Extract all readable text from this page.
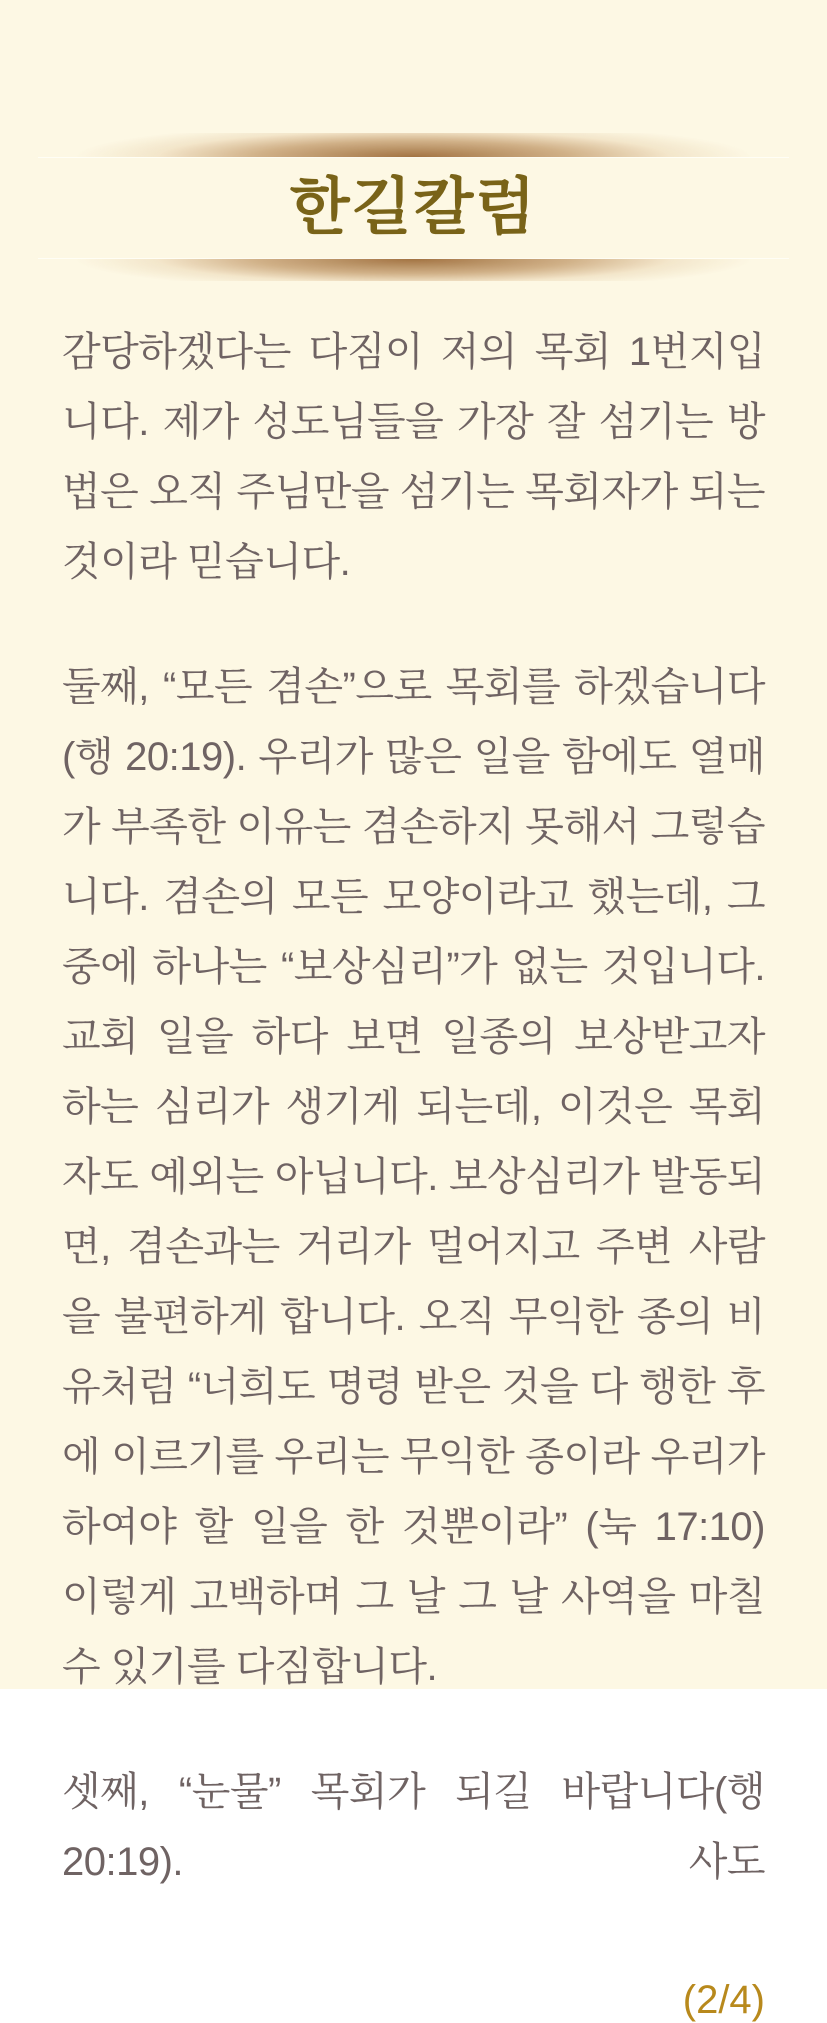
한길칼럼

감당하겠다는 다짐이 저의 목회 1번지입니다. 제가 성도님들을 가장 잘 섬기는 방법은 오직 주님만을 섬기는 목회자가 되는 것이라 믿습니다.

둘째, “모든 겸손”으로 목회를 하겠습니다(행 20:19). 우리가 많은 일을 함에도 열매가 부족한 이유는 겸손하지 못해서 그렇습니다. 겸손의 모든 모양이라고 했는데, 그 중에 하나는 “보상심리”가 없는 것입니다. 교회 일을 하다 보면 일종의 보상받고자 하는 심리가 생기게 되는데, 이것은 목회자도 예외는 아닙니다. 보상심리가 발동되면, 겸손과는 거리가 멀어지고 주변 사람을 불편하게 합니다. 오직 무익한 종의 비유처럼 “너희도 명령 받은 것을 다 행한 후에 이르기를 우리는 무익한 종이라 우리가 하여야 할 일을 한 것뿐이라” (눅 17:10) 이렇게 고백하며 그 날 그 날 사역을 마칠 수 있기를 다짐합니다.

셋째, “눈물” 목회가 되길 바랍니다(행 20:19). 사도

(2/4)
